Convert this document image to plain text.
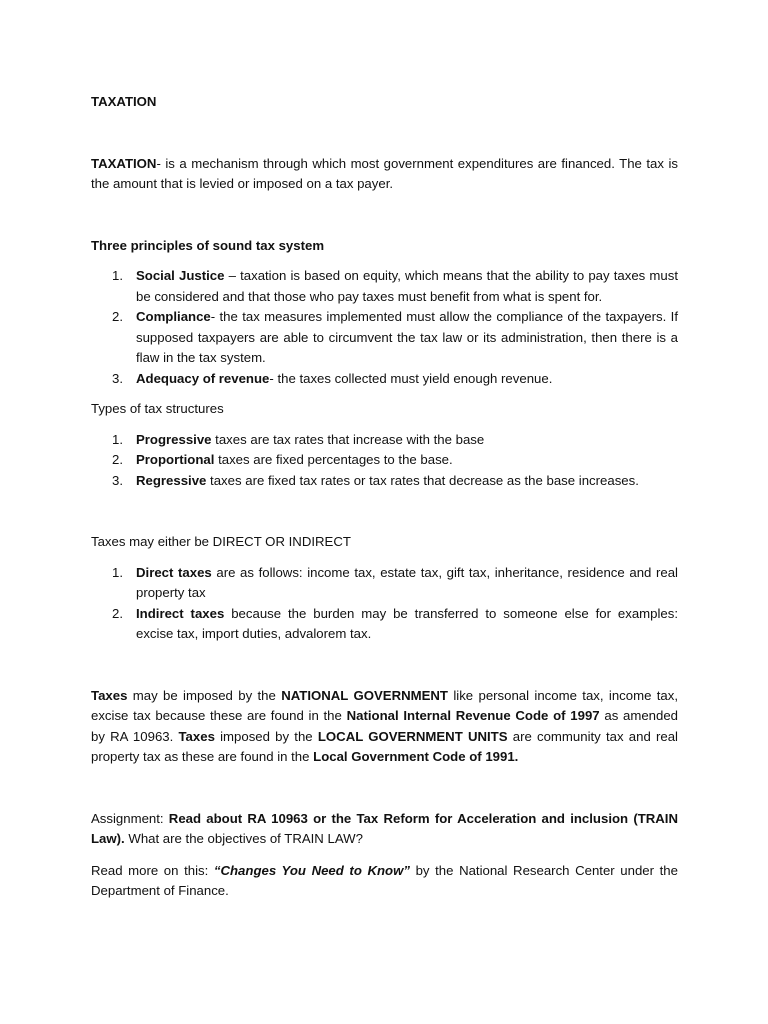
TAXATION

TAXATION- is a mechanism through which most government expenditures are financed. The tax is the amount that is levied or imposed on a tax payer.

Three principles of sound tax system

1. Social Justice – taxation is based on equity, which means that the ability to pay taxes must be considered and that those who pay taxes must benefit from what is spent for.
2. Compliance- the tax measures implemented must allow the compliance of the taxpayers. If supposed taxpayers are able to circumvent the tax law or its administration, then there is a flaw in the tax system.
3. Adequacy of revenue- the taxes collected must yield enough revenue.

Types of tax structures

1. Progressive taxes are tax rates that increase with the base
2. Proportional taxes are fixed percentages to the base.
3. Regressive taxes are fixed tax rates or tax rates that decrease as the base increases.

Taxes may either be DIRECT OR INDIRECT

1. Direct taxes are as follows: income tax, estate tax, gift tax, inheritance, residence and real property tax
2. Indirect taxes because the burden may be transferred to someone else for examples: excise tax, import duties, advalorem tax.

Taxes may be imposed by the NATIONAL GOVERNMENT like personal income tax, income tax, excise tax because these are found in the National Internal Revenue Code of 1997 as amended by RA 10963. Taxes imposed by the LOCAL GOVERNMENT UNITS are community tax and real property tax as these are found in the Local Government Code of 1991.

Assignment: Read about RA 10963 or the Tax Reform for Acceleration and inclusion (TRAIN Law). What are the objectives of TRAIN LAW?

Read more on this: “Changes You Need to Know” by the National Research Center under the Department of Finance.
